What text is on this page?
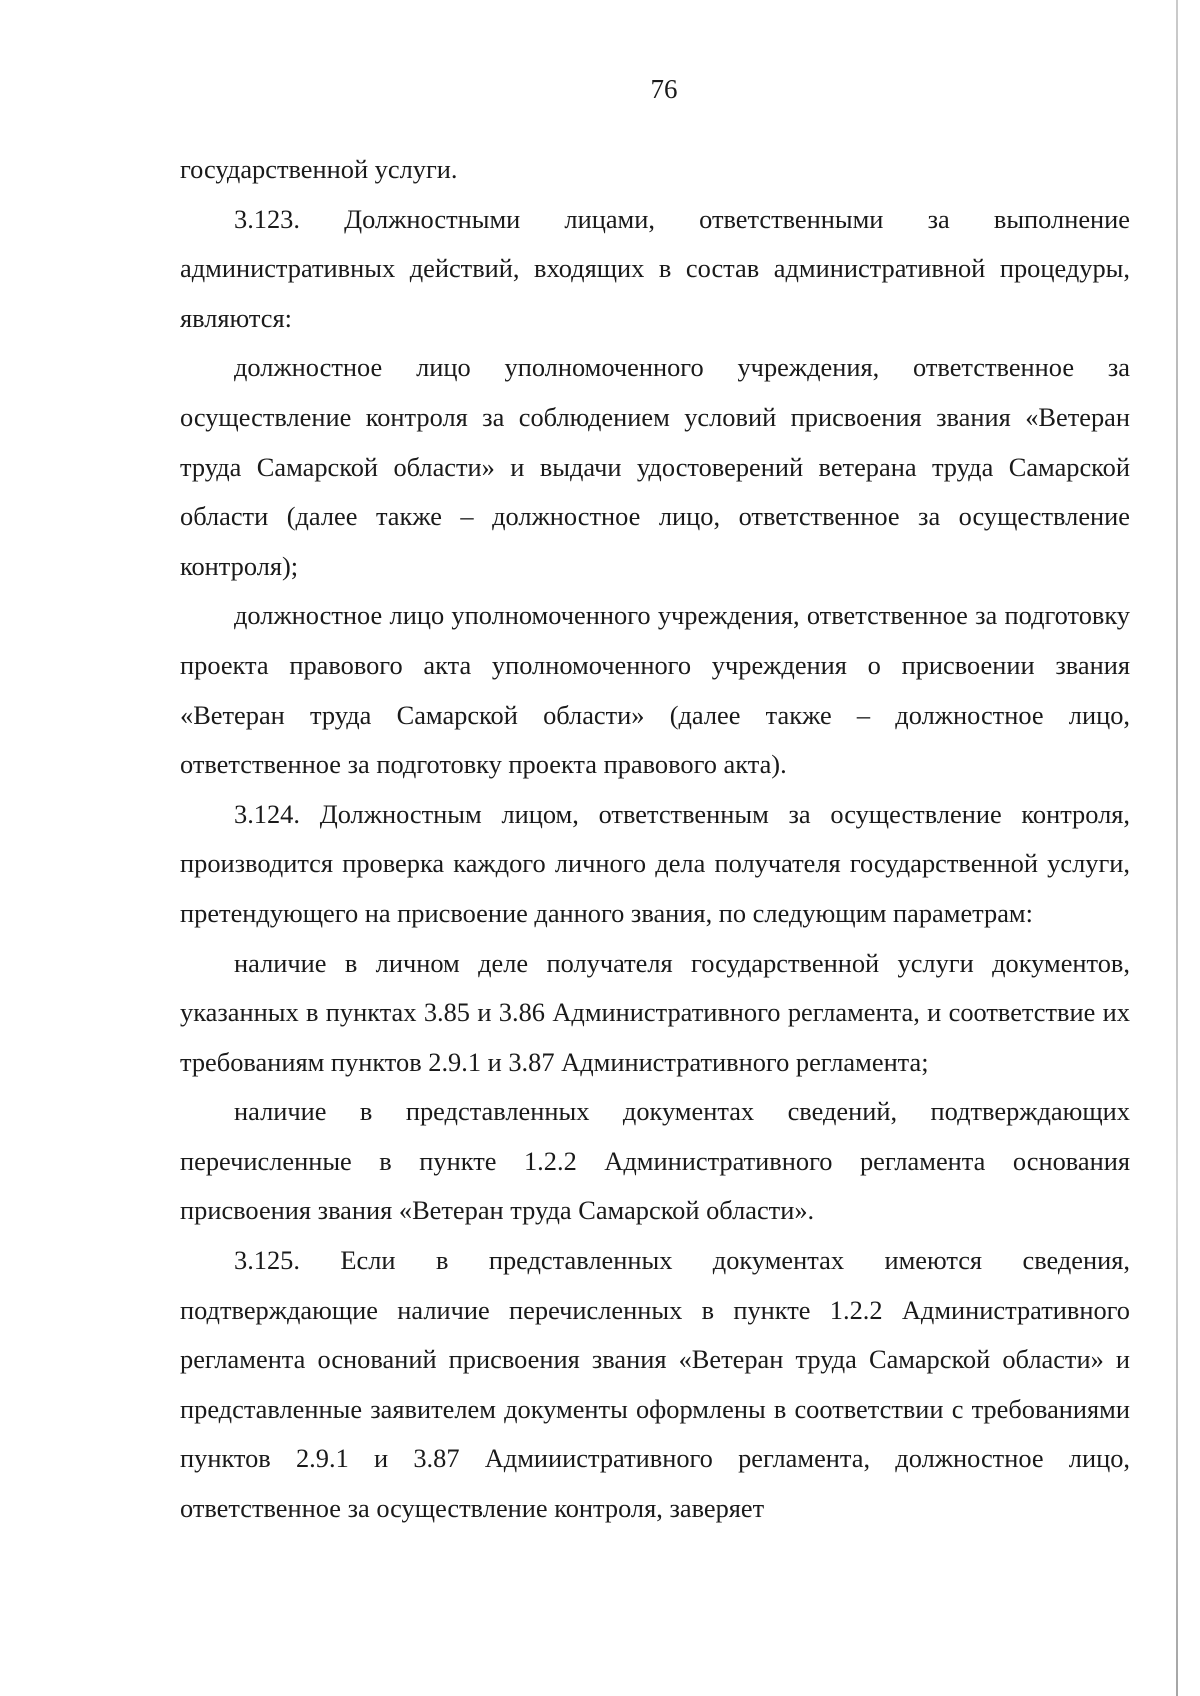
76

государственной услуги.

3.123. Должностными лицами, ответственными за выполнение административных действий, входящих в состав административной процедуры, являются:

должностное лицо уполномоченного учреждения, ответственное за осуществление контроля за соблюдением условий присвоения звания «Ветеран труда Самарской области» и выдачи удостоверений ветерана труда Самарской области (далее также – должностное лицо, ответственное за осуществление контроля);

должностное лицо уполномоченного учреждения, ответственное за подготовку проекта правового акта уполномоченного учреждения о присвоении звания «Ветеран труда Самарской области» (далее также – должностное лицо, ответственное за подготовку проекта правового акта).

3.124. Должностным лицом, ответственным за осуществление контроля, производится проверка каждого личного дела получателя государственной услуги, претендующего на присвоение данного звания, по следующим параметрам:

наличие в личном деле получателя государственной услуги документов, указанных в пунктах 3.85 и 3.86 Административного регламента, и соответствие их требованиям пунктов 2.9.1 и 3.87 Административного регламента;

наличие в представленных документах сведений, подтверждающих перечисленные в пункте 1.2.2 Административного регламента основания присвоения звания «Ветеран труда Самарской области».

3.125. Если в представленных документах имеются сведения, подтверждающие наличие перечисленных в пункте 1.2.2 Административного регламента оснований присвоения звания «Ветеран труда Самарской области» и представленные заявителем документы оформлены в соответствии с требованиями пунктов 2.9.1 и 3.87 Адмииистративного регламента, должностное лицо, ответственное за осуществление контроля, заверяет
